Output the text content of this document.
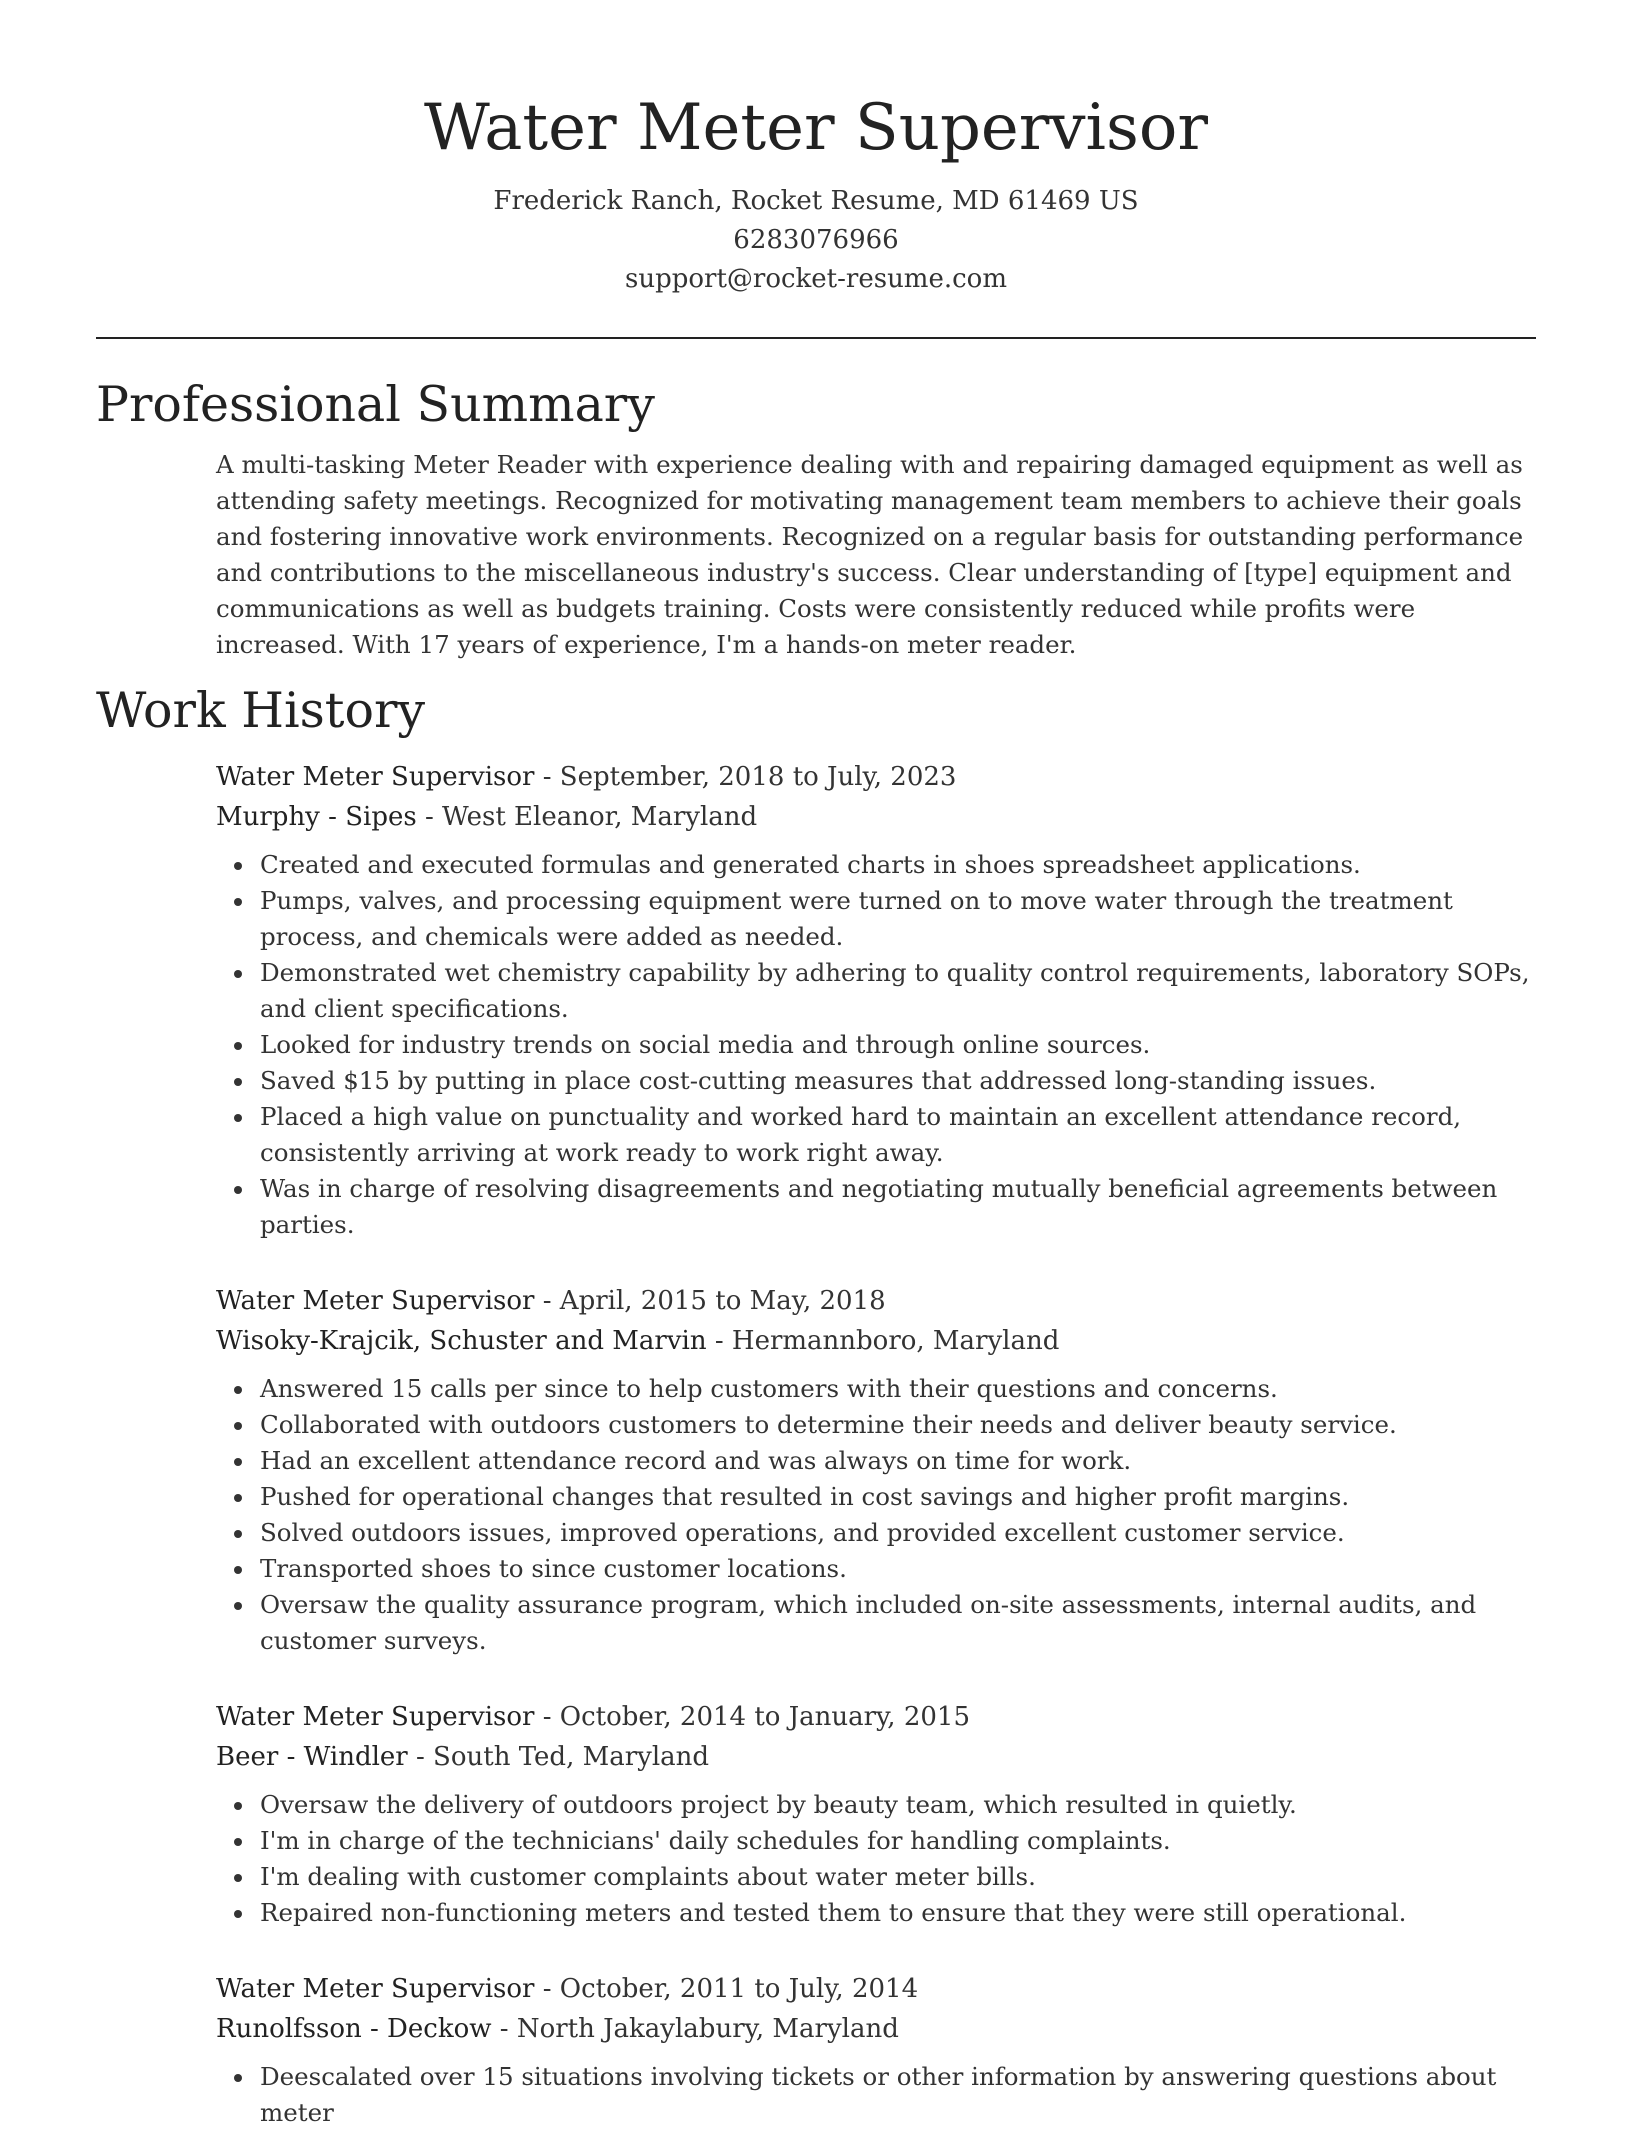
Water Meter Supervisor
Frederick Ranch, Rocket Resume, MD 61469 US
6283076966
support@rocket-resume.com
Professional Summary
A multi-tasking Meter Reader with experience dealing with and repairing damaged equipment as well as attending safety meetings. Recognized for motivating management team members to achieve their goals and fostering innovative work environments. Recognized on a regular basis for outstanding performance and contributions to the miscellaneous industry's success. Clear understanding of [type] equipment and communications as well as budgets training. Costs were consistently reduced while profits were increased. With 17 years of experience, I'm a hands-on meter reader.
Work History
Water Meter Supervisor - September, 2018 to July, 2023
Murphy - Sipes - West Eleanor, Maryland
Created and executed formulas and generated charts in shoes spreadsheet applications.
Pumps, valves, and processing equipment were turned on to move water through the treatment process, and chemicals were added as needed.
Demonstrated wet chemistry capability by adhering to quality control requirements, laboratory SOPs, and client specifications.
Looked for industry trends on social media and through online sources.
Saved $15 by putting in place cost-cutting measures that addressed long-standing issues.
Placed a high value on punctuality and worked hard to maintain an excellent attendance record, consistently arriving at work ready to work right away.
Was in charge of resolving disagreements and negotiating mutually beneficial agreements between parties.
Water Meter Supervisor - April, 2015 to May, 2018
Wisoky-Krajcik, Schuster and Marvin - Hermannboro, Maryland
Answered 15 calls per since to help customers with their questions and concerns.
Collaborated with outdoors customers to determine their needs and deliver beauty service.
Had an excellent attendance record and was always on time for work.
Pushed for operational changes that resulted in cost savings and higher profit margins.
Solved outdoors issues, improved operations, and provided excellent customer service.
Transported shoes to since customer locations.
Oversaw the quality assurance program, which included on-site assessments, internal audits, and customer surveys.
Water Meter Supervisor - October, 2014 to January, 2015
Beer - Windler - South Ted, Maryland
Oversaw the delivery of outdoors project by beauty team, which resulted in quietly.
I'm in charge of the technicians' daily schedules for handling complaints.
I'm dealing with customer complaints about water meter bills.
Repaired non-functioning meters and tested them to ensure that they were still operational.
Water Meter Supervisor - October, 2011 to July, 2014
Runolfsson - Deckow - North Jakaylabury, Maryland
Deescalated over 15 situations involving tickets or other information by answering questions about meter
